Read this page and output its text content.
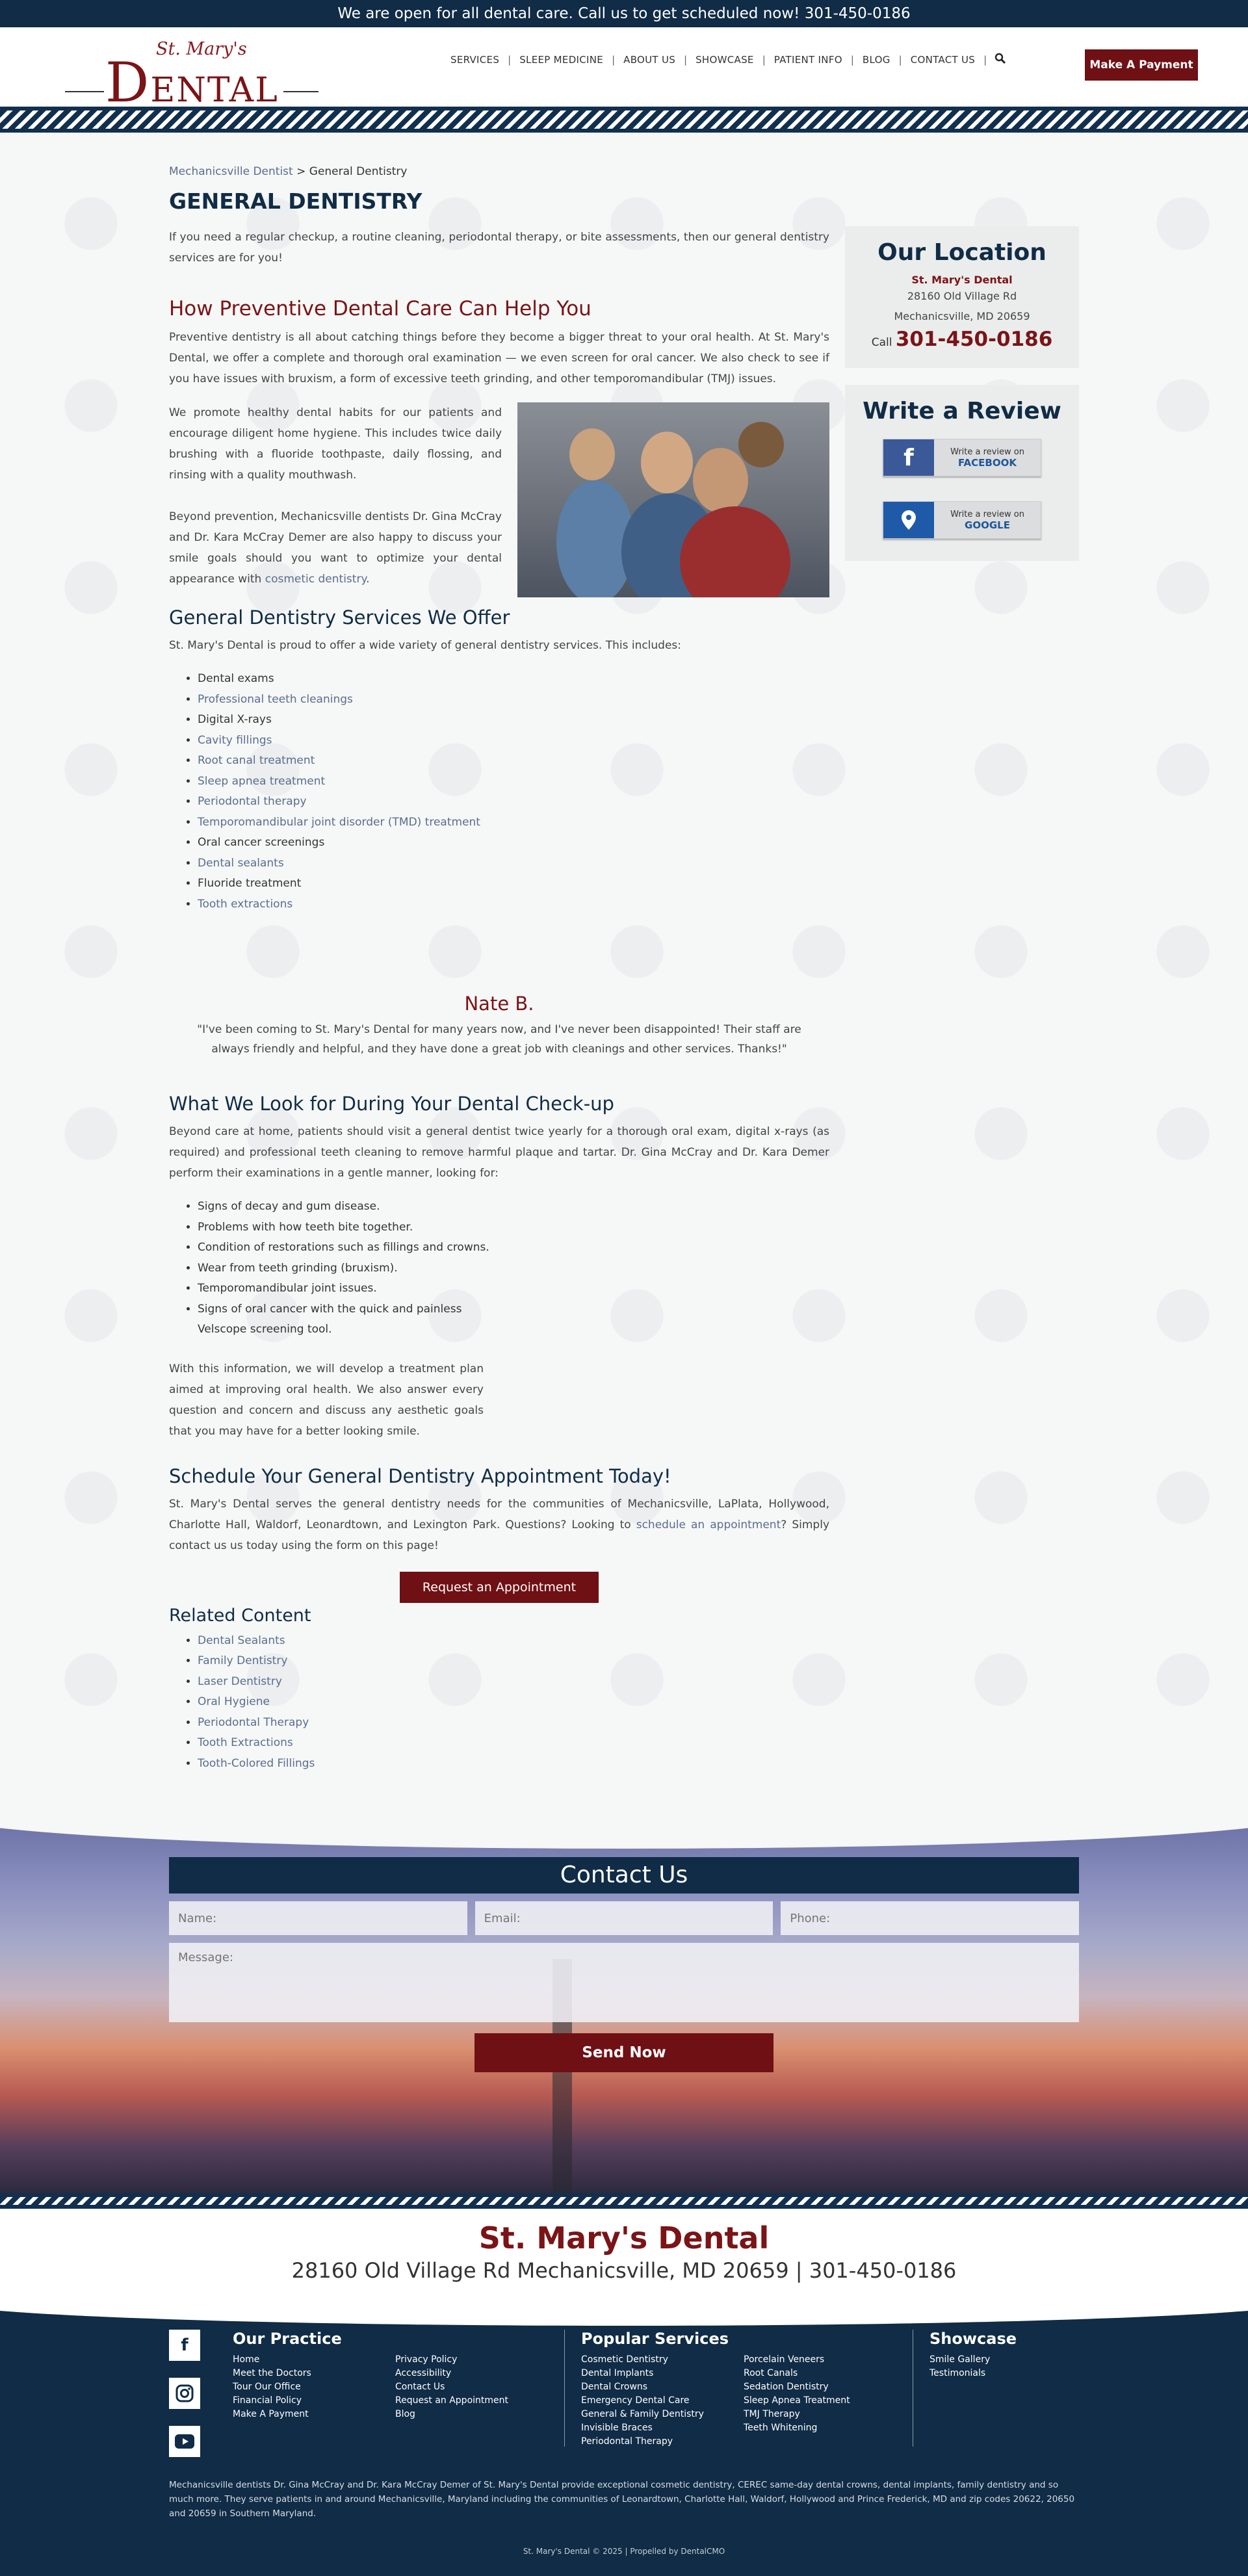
We are open for all dental care. Call us to get scheduled now! 301-450-0186
St. Mary's
DENTAL
SERVICES | SLEEP MEDICINE | ABOUT US | SHOWCASE | PATIENT INFO | BLOG | CONTACT US |	Make A Payment
Mechanicsville Dentist > General Dentistry
GENERAL DENTISTRY

If you need a regular checkup, a routine cleaning, periodontal therapy, or bite assessments, then our general dentistry services are for you!

How Preventive Dental Care Can Help You

Preventive dentistry is all about catching things before they become a bigger threat to your oral health. At St. Mary's Dental, we offer a complete and thorough oral examination — we even screen for oral cancer. We also check to see if you have issues with bruxism, a form of excessive teeth grinding, and other temporomandibular (TMJ) issues.

We promote healthy dental habits for our patients and encourage diligent home hygiene. This includes twice daily brushing with a fluoride toothpaste, daily flossing, and rinsing with a quality mouthwash.

Beyond prevention, Mechanicsville dentists Dr. Gina McCray and Dr. Kara McCray Demer are also happy to discuss your smile goals should you want to optimize your dental appearance with cosmetic dentistry.

General Dentistry Services We Offer

St. Mary's Dental is proud to offer a wide variety of general dentistry services. This includes:

• Dental exams
• Professional teeth cleanings
• Digital X-rays
• Cavity fillings
• Root canal treatment
• Sleep apnea treatment
• Periodontal therapy
• Temporomandibular joint disorder (TMD) treatment
• Oral cancer screenings
• Dental sealants
• Fluoride treatment
• Tooth extractions
Nate B.
"I've been coming to St. Mary's Dental for many years now, and I've never been disappointed! Their staff are always friendly and helpful, and they have done a great job with cleanings and other services. Thanks!"
What We Look for During Your Dental Check-up

Beyond care at home, patients should visit a general dentist twice yearly for a thorough oral exam, digital x-rays (as required) and professional teeth cleaning to remove harmful plaque and tartar. Dr. Gina McCray and Dr. Kara Demer perform their examinations in a gentle manner, looking for:

• Signs of decay and gum disease.
• Problems with how teeth bite together.
• Condition of restorations such as fillings and crowns.
• Wear from teeth grinding (bruxism).
• Temporomandibular joint issues.
• Signs of oral cancer with the quick and painless Velscope screening tool.

With this information, we will develop a treatment plan aimed at improving oral health. We also answer every question and concern and discuss any aesthetic goals that you may have for a better looking smile.

Schedule Your General Dentistry Appointment Today!

St. Mary's Dental serves the general dentistry needs for the communities of Mechanicsville, LaPlata, Hollywood, Charlotte Hall, Waldorf, Leonardtown, and Lexington Park. Questions? Looking to schedule an appointment? Simply contact us us today using the form on this page!

Request an Appointment
Related Content
• Dental Sealants
• Family Dentistry
• Laser Dentistry
• Oral Hygiene
• Periodontal Therapy
• Tooth Extractions
• Tooth-Colored Fillings
Our Location
St. Mary's Dental
28160 Old Village Rd
Mechanicsville, MD 20659
Call 301-450-0186
Write a Review
f	Write a review on
FACEBOOK
Write a review on
GOOGLE
Contact Us
Name:
Email:
Phone:
Message:
Send Now
St. Mary's Dental
28160 Old Village Rd Mechanicsville, MD 20659 | 301-450-0186
f	Our Practice
Home
Meet the Doctors
Tour Our Office
Financial Policy
Make A Payment
Privacy Policy
Accessibility
Contact Us
Request an Appointment
Blog
Popular Services
Cosmetic Dentistry
Dental Implants
Dental Crowns
Emergency Dental Care
General & Family Dentistry
Invisible Braces
Periodontal Therapy
Porcelain Veneers
Root Canals
Sedation Dentistry
Sleep Apnea Treatment
TMJ Therapy
Teeth Whitening
Showcase
Smile Gallery
Testimonials
Mechanicsville dentists Dr. Gina McCray and Dr. Kara McCray Demer of St. Mary's Dental provide exceptional cosmetic dentistry, CEREC same-day dental crowns, dental implants, family dentistry and so much more. They serve patients in and around Mechanicsville, Maryland including the communities of Leonardtown, Charlotte Hall, Waldorf, Hollywood and Prince Frederick, MD and zip codes 20622, 20650 and 20659 in Southern Maryland.
St. Mary's Dental © 2025 | Propelled by DentalCMO
